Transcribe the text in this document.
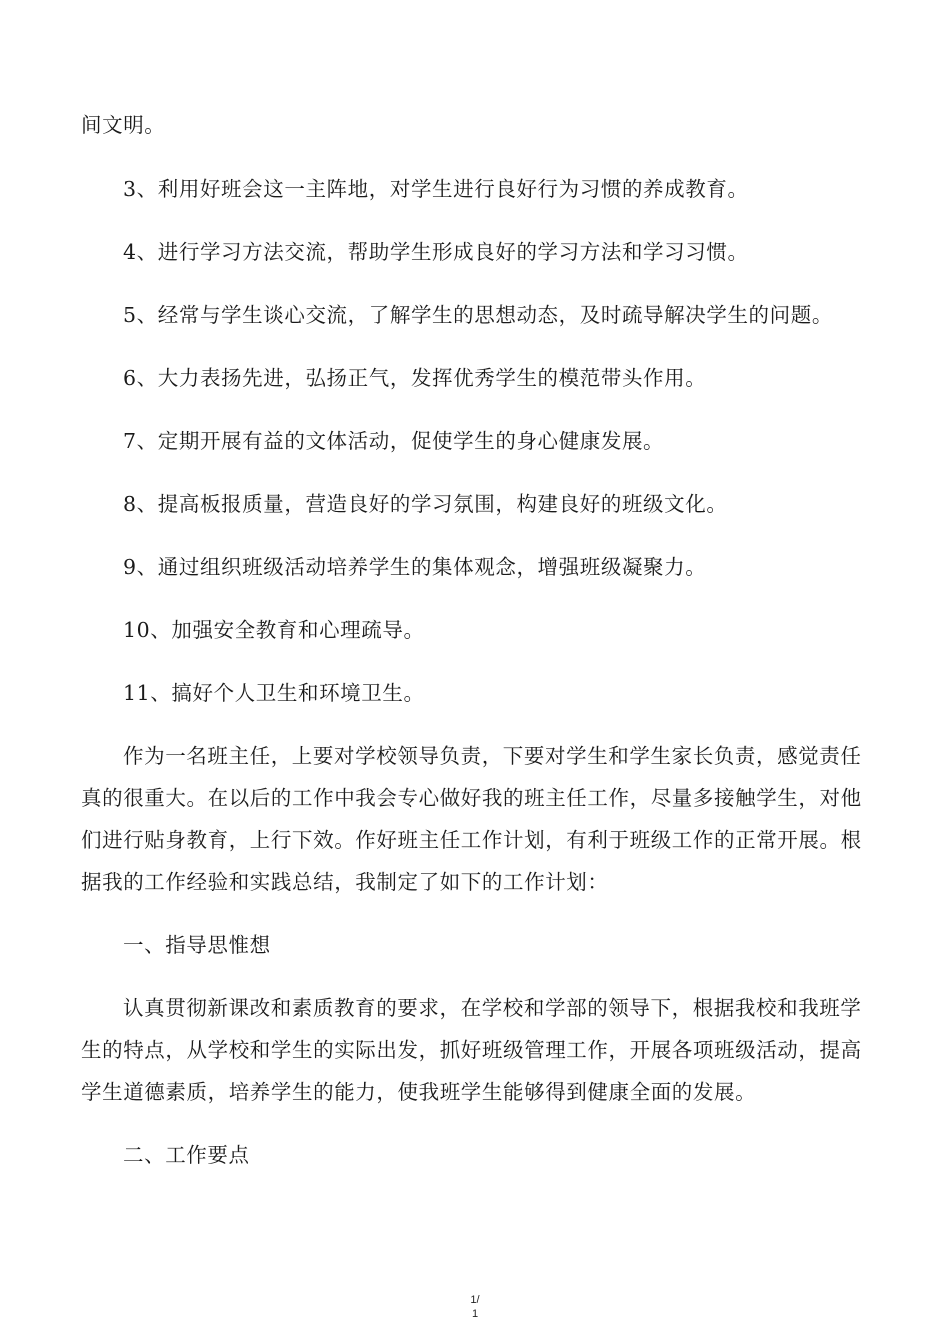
间文明。

3、利用好班会这一主阵地，对学生进行良好行为习惯的养成教育。

4、进行学习方法交流，帮助学生形成良好的学习方法和学习习惯。

5、经常与学生谈心交流，了解学生的思想动态，及时疏导解决学生的问题。

6、大力表扬先进，弘扬正气，发挥优秀学生的模范带头作用。

7、定期开展有益的文体活动，促使学生的身心健康发展。

8、提高板报质量，营造良好的学习氛围，构建良好的班级文化。

9、通过组织班级活动培养学生的集体观念，增强班级凝聚力。

10、加强安全教育和心理疏导。

11、搞好个人卫生和环境卫生。

作为一名班主任，上要对学校领导负责，下要对学生和学生家长负责，感觉责任真的很重大。在以后的工作中我会专心做好我的班主任工作，尽量多接触学生，对他们进行贴身教育，上行下效。作好班主任工作计划，有利于班级工作的正常开展。根据我的工作经验和实践总结，我制定了如下的工作计划：

一、指导思惟想

认真贯彻新课改和素质教育的要求，在学校和学部的领导下，根据我校和我班学生的特点，从学校和学生的实际出发，抓好班级管理工作，开展各项班级活动，提高学生道德素质，培养学生的能力，使我班学生能够得到健康全面的发展。

二、工作要点

1/
1
